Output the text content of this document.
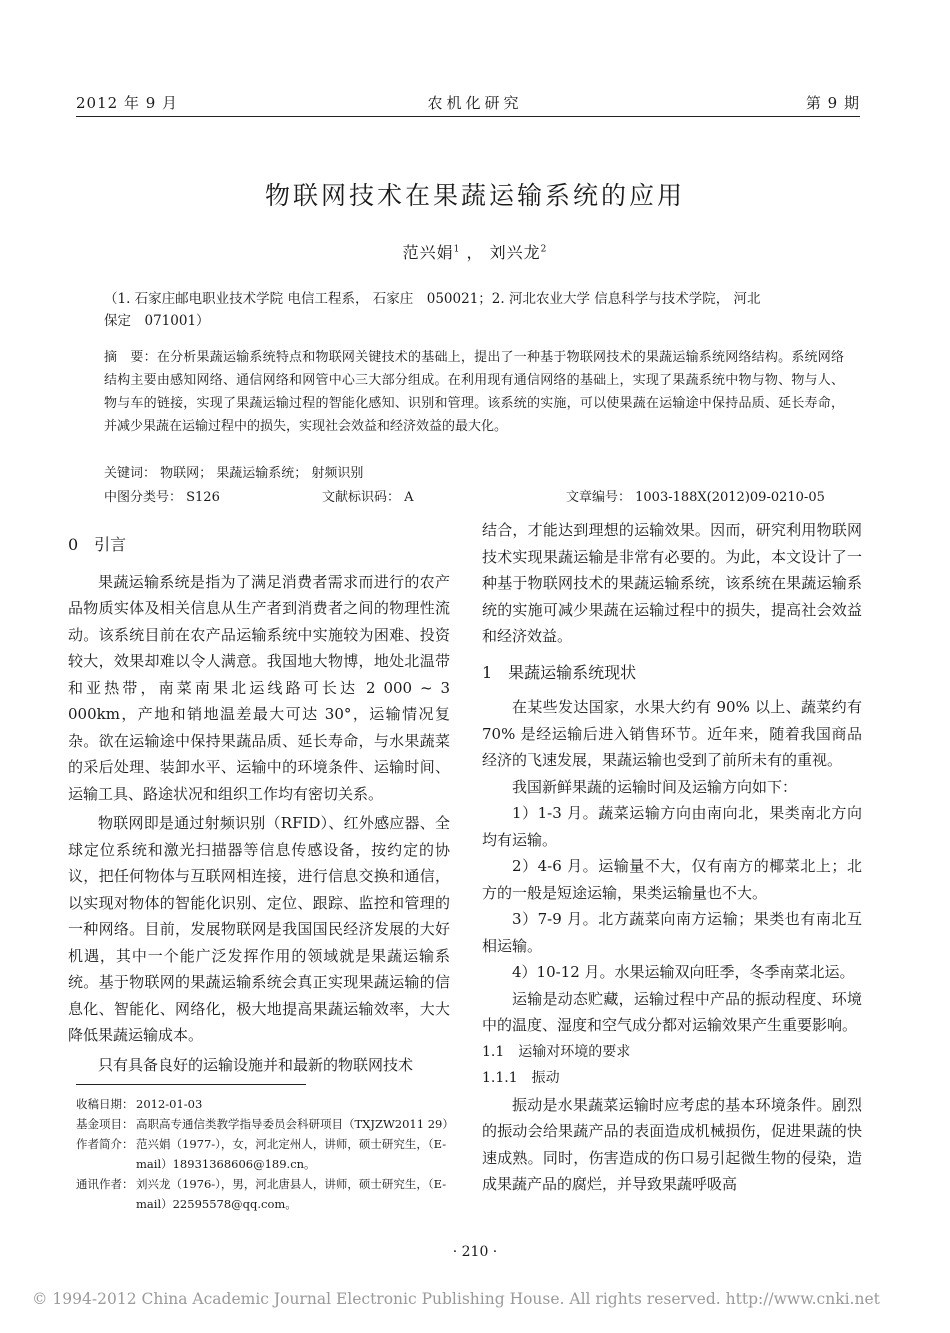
2012 年 9 月	农机化研究	第 9 期
物联网技术在果蔬运输系统的应用
范兴娟$^1$ ， 刘兴龙$^2$
（1. 石家庄邮电职业技术学院 电信工程系， 石家庄　050021；2. 河北农业大学 信息科学与技术学院， 河北
保定　071001）
摘　要：在分析果蔬运输系统特点和物联网关键技术的基础上，提出了一种基于物联网技术的果蔬运输系统网络结构。系统网络结构主要由感知网络、通信网络和网管中心三大部分组成。在利用现有通信网络的基础上，实现了果蔬系统中物与物、物与人、物与车的链接，实现了果蔬运输过程的智能化感知、识别和管理。该系统的实施，可以使果蔬在运输途中保持品质、延长寿命，并减少果蔬在运输过程中的损失，实现社会效益和经济效益的最大化。
关键词： 物联网； 果蔬运输系统； 射频识别
中图分类号： S126	文献标识码： A	文章编号： 1003-188X(2012)09-0210-05

0　引言

果蔬运输系统是指为了满足消费者需求而进行的农产品物质实体及相关信息从生产者到消费者之间的物理性流动。该系统目前在农产品运输系统中实施较为困难、投资较大，效果却难以令人满意。我国地大物博，地处北温带和亚热带，南菜南果北运线路可长达 2 000 ~ 3 000km，产地和销地温差最大可达 30°，运输情况复杂。欲在运输途中保持果蔬品质、延长寿命，与水果蔬菜的采后处理、装卸水平、运输中的环境条件、运输时间、运输工具、路途状况和组织工作均有密切关系。

物联网即是通过射频识别（RFID）、红外感应器、全球定位系统和激光扫描器等信息传感设备，按约定的协议，把任何物体与互联网相连接，进行信息交换和通信，以实现对物体的智能化识别、定位、跟踪、监控和管理的一种网络。目前，发展物联网是我国国民经济发展的大好机遇，其中一个能广泛发挥作用的领域就是果蔬运输系统。基于物联网的果蔬运输系统会真正实现果蔬运输的信息化、智能化、网络化，极大地提高果蔬运输效率，大大降低果蔬运输成本。

只有具备良好的运输设施并和最新的物联网技术

收稿日期： 2012-01-03
基金项目： 高职高专通信类教学指导委员会科研项目（TXJZW2011 29）
作者简介： 范兴娟（1977-），女，河北定州人，讲师，硕士研究生，（E-mail）18931368606@189.cn。
通讯作者： 刘兴龙（1976-），男，河北唐县人，讲师，硕士研究生，（E-mail）22595578@qq.com。

结合，才能达到理想的运输效果。因而，研究利用物联网技术实现果蔬运输是非常有必要的。为此，本文设计了一种基于物联网技术的果蔬运输系统，该系统在果蔬运输系统的实施可减少果蔬在运输过程中的损失，提高社会效益和经济效益。

1　果蔬运输系统现状

在某些发达国家，水果大约有 90% 以上、蔬菜约有 70% 是经运输后进入销售环节。近年来，随着我国商品经济的飞速发展，果蔬运输也受到了前所未有的重视。

我国新鲜果蔬的运输时间及运输方向如下：

1）1-3 月。蔬菜运输方向由南向北，果类南北方向均有运输。

2）4-6 月。运输量不大，仅有南方的椰菜北上；北方的一般是短途运输，果类运输量也不大。

3）7-9 月。北方蔬菜向南方运输；果类也有南北互相运输。

4）10-12 月。水果运输双向旺季，冬季南菜北运。

运输是动态贮藏，运输过程中产品的振动程度、环境中的温度、湿度和空气成分都对运输效果产生重要影响。

1.1　运输对环境的要求

1.1.1　振动

振动是水果蔬菜运输时应考虑的基本环境条件。剧烈的振动会给果蔬产品的表面造成机械损伤，促进果蔬的快速成熟。同时，伤害造成的伤口易引起微生物的侵染，造成果蔬产品的腐烂，并导致果蔬呼吸高

· 210 ·
© 1994-2012 China Academic Journal Electronic Publishing House. All rights reserved. http://www.cnki.net
